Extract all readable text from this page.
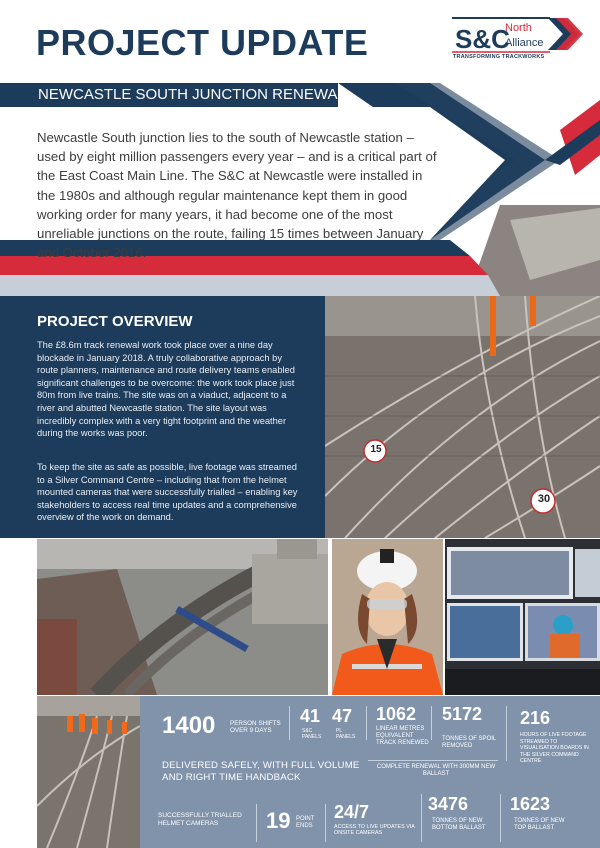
PROJECT UPDATE	S&C
North
Alliance
TRANSFORMING TRACKWORKS
NEWCASTLE SOUTH JUNCTION RENEWAL
Newcastle South junction lies to the south of Newcastle station – used by eight million passengers every year – and is a critical part of the East Coast Main Line. The S&C at Newcastle were installed in the 1980s and although regular maintenance kept them in good working order for many years, it had become one of the most unreliable junctions on the route, failing 15 times between January and October 2016.
PROJECT OVERVIEW
The £8.6m track renewal work took place over a nine day blockade in January 2018. A truly collaborative approach by route planners, maintenance and route delivery teams enabled significant challenges to be overcome: the work took place just 80m from live trains. The site was on a viaduct, adjacent to a river and abutted Newcastle station. The site layout was incredibly complex with a very tight footprint and the weather during the works was poor.
To keep the site as safe as possible, live footage was streamed to a Silver Command Centre – including that from the helmet mounted cameras that were successfully trialled – enabling key stakeholders to access real time updates and a comprehensive overview of the work on demand.
15
30
1400 PERSON SHIFTS OVER 9 DAYS
41
S&C PANELS
47
PL PANELS
1062
LINEAR METRES EQUIVALENT TRACK RENEWED
5172
TONNES OF SPOIL REMOVED
216
HOURS OF LIVE FOOTAGE STREAMED TO VISUALISATION BOARDS IN THE SILVER COMMAND CENTRE
DELIVERED SAFELY, WITH FULL VOLUME AND RIGHT TIME HANDBACK
COMPLETE RENEWAL WITH 300MM NEW BALLAST
SUCCESSFULLY TRIALLED HELMET CAMERAS	19 POINT ENDS
24/7
ACCESS TO LIVE UPDATES VIA ONSITE CAMERAS
3476
TONNES OF NEW BOTTOM BALLAST
1623
TONNES OF NEW TOP BALLAST
